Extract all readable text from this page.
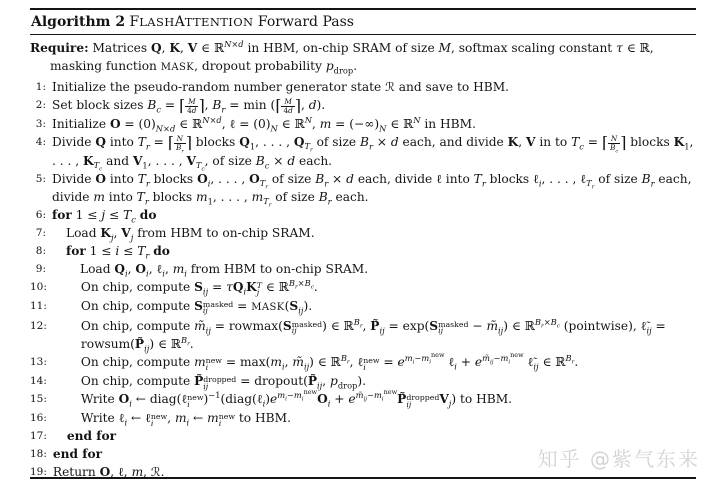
Algorithm 2 FLASHATTENTION Forward Pass
Require: Matrices Q, K, V ∈ ℝ$^{N\times d}$ in HBM, on-chip SRAM of size M, softmax scaling constant τ ∈ ℝ, masking function MASK, dropout probability $p_{drop}$.
1: Initialize the pseudo-random number generator state ℛ and save to HBM.
2: Set block sizes $B_c$ = ⌈ $\frac{M}{4d}$ ⌉, $B_r = \min$ (⌈ $\frac{M}{4d}$ ⌉, d).
3: Initialize $O = (0)_{N\times d}$ ∈ ℝ$^{N\times d}$, ℓ = $(0)_N$ ∈ ℝ$^N$, $m = (-\infty)_N$ ∈ ℝ$^N$ in HBM.
4: Divide Q into $T_r$ = ⌈ $\frac{N}{B_r}$ ⌉ blocks $Q_1$, . . . , $Q_{T_r}$ of size $B_r \times d$ each, and divide K, V in to $T_c$ = ⌈ $\frac{N}{B_c}$ ⌉ blocks $K_1$, . . . , $K_{T_c}$ and $V_1$, . . . , $V_{T_c}$, of size $B_c \times d$ each.
5: Divide O into $T_r$ blocks $O_i$, . . . , $O_{T_r}$ of size $B_r \times d$ each, divide ℓ into $T_r$ blocks ℓ$_i$, . . . , ℓ$_{T_r}$ of size $B_r$ each, divide m into $T_r$ blocks $m_1$, . . . , $m_{T_r}$ of size $B_r$ each.
6: for $1 \le j \le T_c$ do
7:	Load $K_j$, $V_j$ from HBM to on-chip SRAM.
8:	for $1 \le i \le T_r$ do
9:	Load $Q_i$, $O_i$, ℓ$_i$, $m_i$ from HBM to on-chip SRAM.
10:	On chip, compute $S_{ij} = \tau Q_iK$ T
j ∈ ℝ$^{B_r\times B_c}$.
11:	On chip, compute S masked
ij	= $MASK(S_{ij})$.
12:	On chip, compute $m̃_{ij} = rowmax(S$ masked
ij	) ∈ ℝ$^{B_r}$, $P̃_{ij} = \exp(S$ masked
ij	− $m̃_{ij}$) ∈ ℝ$^{B_r\times B_c}$ (pointwise), $\ell̃_{ij}$ = $rowsum(P̃_{ij})$ ∈ ℝ$^{B_r}$.
13:	On chip, compute m new
i	= $\max(m_i$, $m̃_{ij}$) ∈ ℝ$^{B_r}$, ℓ new
i	= $e^{m_i-m_i^{new}}$ ℓ$_i$ + $e^{m̃_{ij}-m_i^{new}}$ $\ell̃_{ij}$ ∈ ℝ$^{B_r}$.
14:	On chip, compute P̃ dropped
ij	= $dropout(P̃_{ij}$, $p_{drop}$).
15:	Write $O_i$ ← diag(ℓ new
i	)$^{-1}(diag(\ell_i)e^{m_i-m_i^{new}}O_i$ + $e^{m̃_{ij}-m_i^{new}}P̃$ dropped
ij	$V_j$) to HBM.
16:	Write ℓ$_i$ ← ℓ new
i	, $m_i$ ← m new
i	to HBM.
17:	end for
18: end for
19: Return O, ℓ, m, ℛ.
知乎 @紫气东来
